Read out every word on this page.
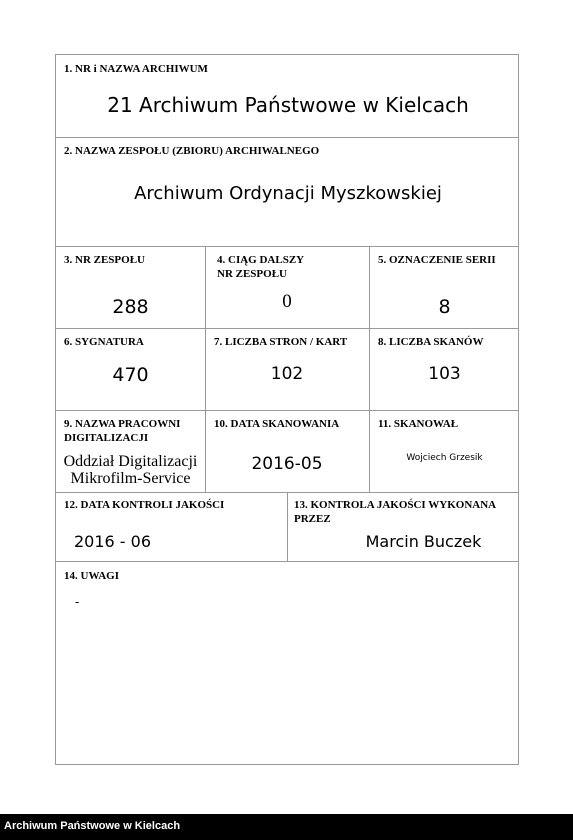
1. NR i NAZWA ARCHIWUM
21 Archiwum Państwowe w Kielcach
2. NAZWA ZESPOŁU (ZBIORU) ARCHIWALNEGO
Archiwum Ordynacji Myszkowskiej
3. NR ZESPOŁU
288
4. CIĄG DALSZY
NR ZESPOŁU
0
5. OZNACZENIE SERII
8
6. SYGNATURA
470
7. LICZBA STRON / KART
102
8. LICZBA SKANÓW
103
9. NAZWA PRACOWNI
DIGITALIZACJI
Oddział Digitalizacji
Mikrofilm-Service
10. DATA SKANOWANIA
2016-05
11. SKANOWAŁ
Wojciech Grzesik
12. DATA KONTROLI JAKOŚCI
2016 - 06
13. KONTROLA JAKOŚCI WYKONANA
PRZEZ
Marcin Buczek
14. UWAGI
-
Archiwum Państwowe w Kielcach
